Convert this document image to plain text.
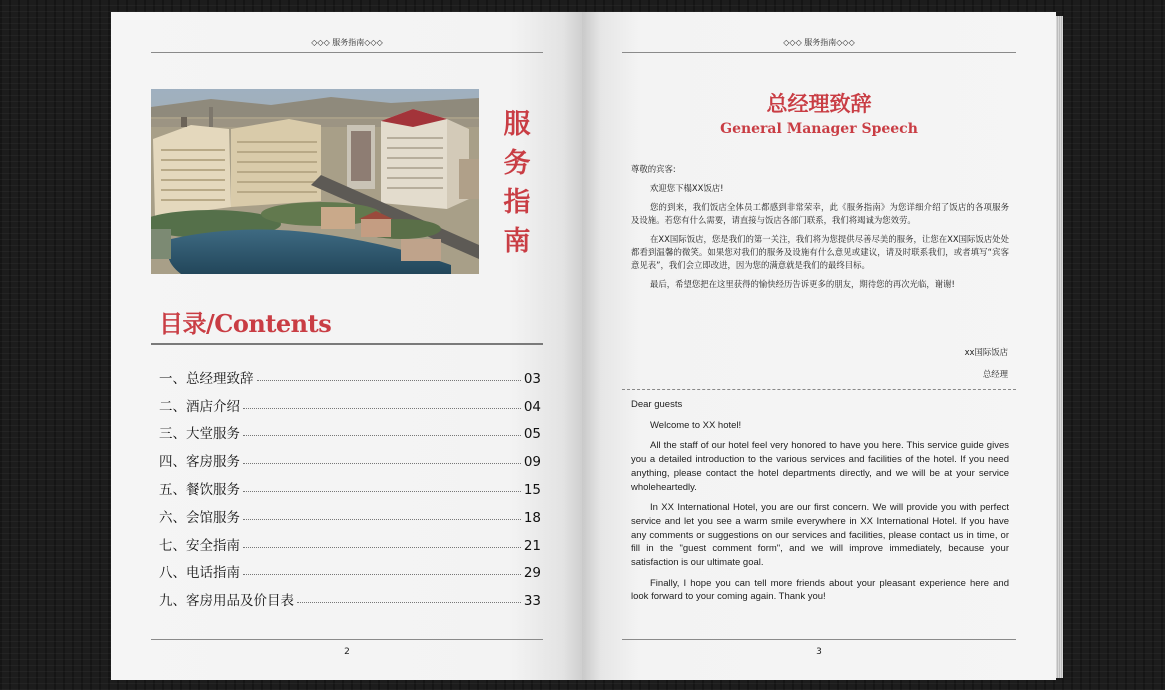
◇◇◇ 服务指南◇◇◇
服
务
指
南
目录/Contents
一、总经理致辞	03
二、酒店介绍	04
三、大堂服务	05
四、客房服务	09
五、餐饮服务	15
六、会馆服务	18
七、安全指南	21
八、电话指南	29
九、客房用品及价目表	33
2
◇◇◇ 服务指南◇◇◇
总经理致辞
General Manager Speech

尊敬的宾客:

欢迎您下榻XX饭店!

您的到来，我们饭店全体员工都感到非常荣幸，此《服务指南》为您详细介绍了饭店的各项服务及设施。若您有什么需要，请直接与饭店各部门联系，我们将竭诚为您效劳。

在XX国际饭店，您是我们的第一关注，我们将为您提供尽善尽美的服务，让您在XX国际饭店处处都看到温馨的微笑。如果您对我们的服务及设施有什么意见或建议，请及时联系我们，或者填写“宾客意见表”，我们会立即改进，因为您的满意就是我们的最终目标。

最后，希望您把在这里获得的愉快经历告诉更多的朋友，期待您的再次光临，谢谢!

xx国际饭店
总经理

Dear guests

Welcome to XX hotel!

All the staff of our hotel feel very honored to have you here. This service guide gives you a detailed introduction to the various services and facilities of the hotel. If you need anything, please contact the hotel departments directly, and we will be at your service wholeheartedly.

In XX International Hotel, you are our first concern. We will provide you with perfect service and let you see a warm smile everywhere in XX International Hotel. If you have any comments or suggestions on our services and facilities, please contact us in time, or fill in the "guest comment form", and we will improve immediately, because your satisfaction is our ultimate goal.

Finally, I hope you can tell more friends about your pleasant experience here and look forward to your coming again. Thank you!

3
